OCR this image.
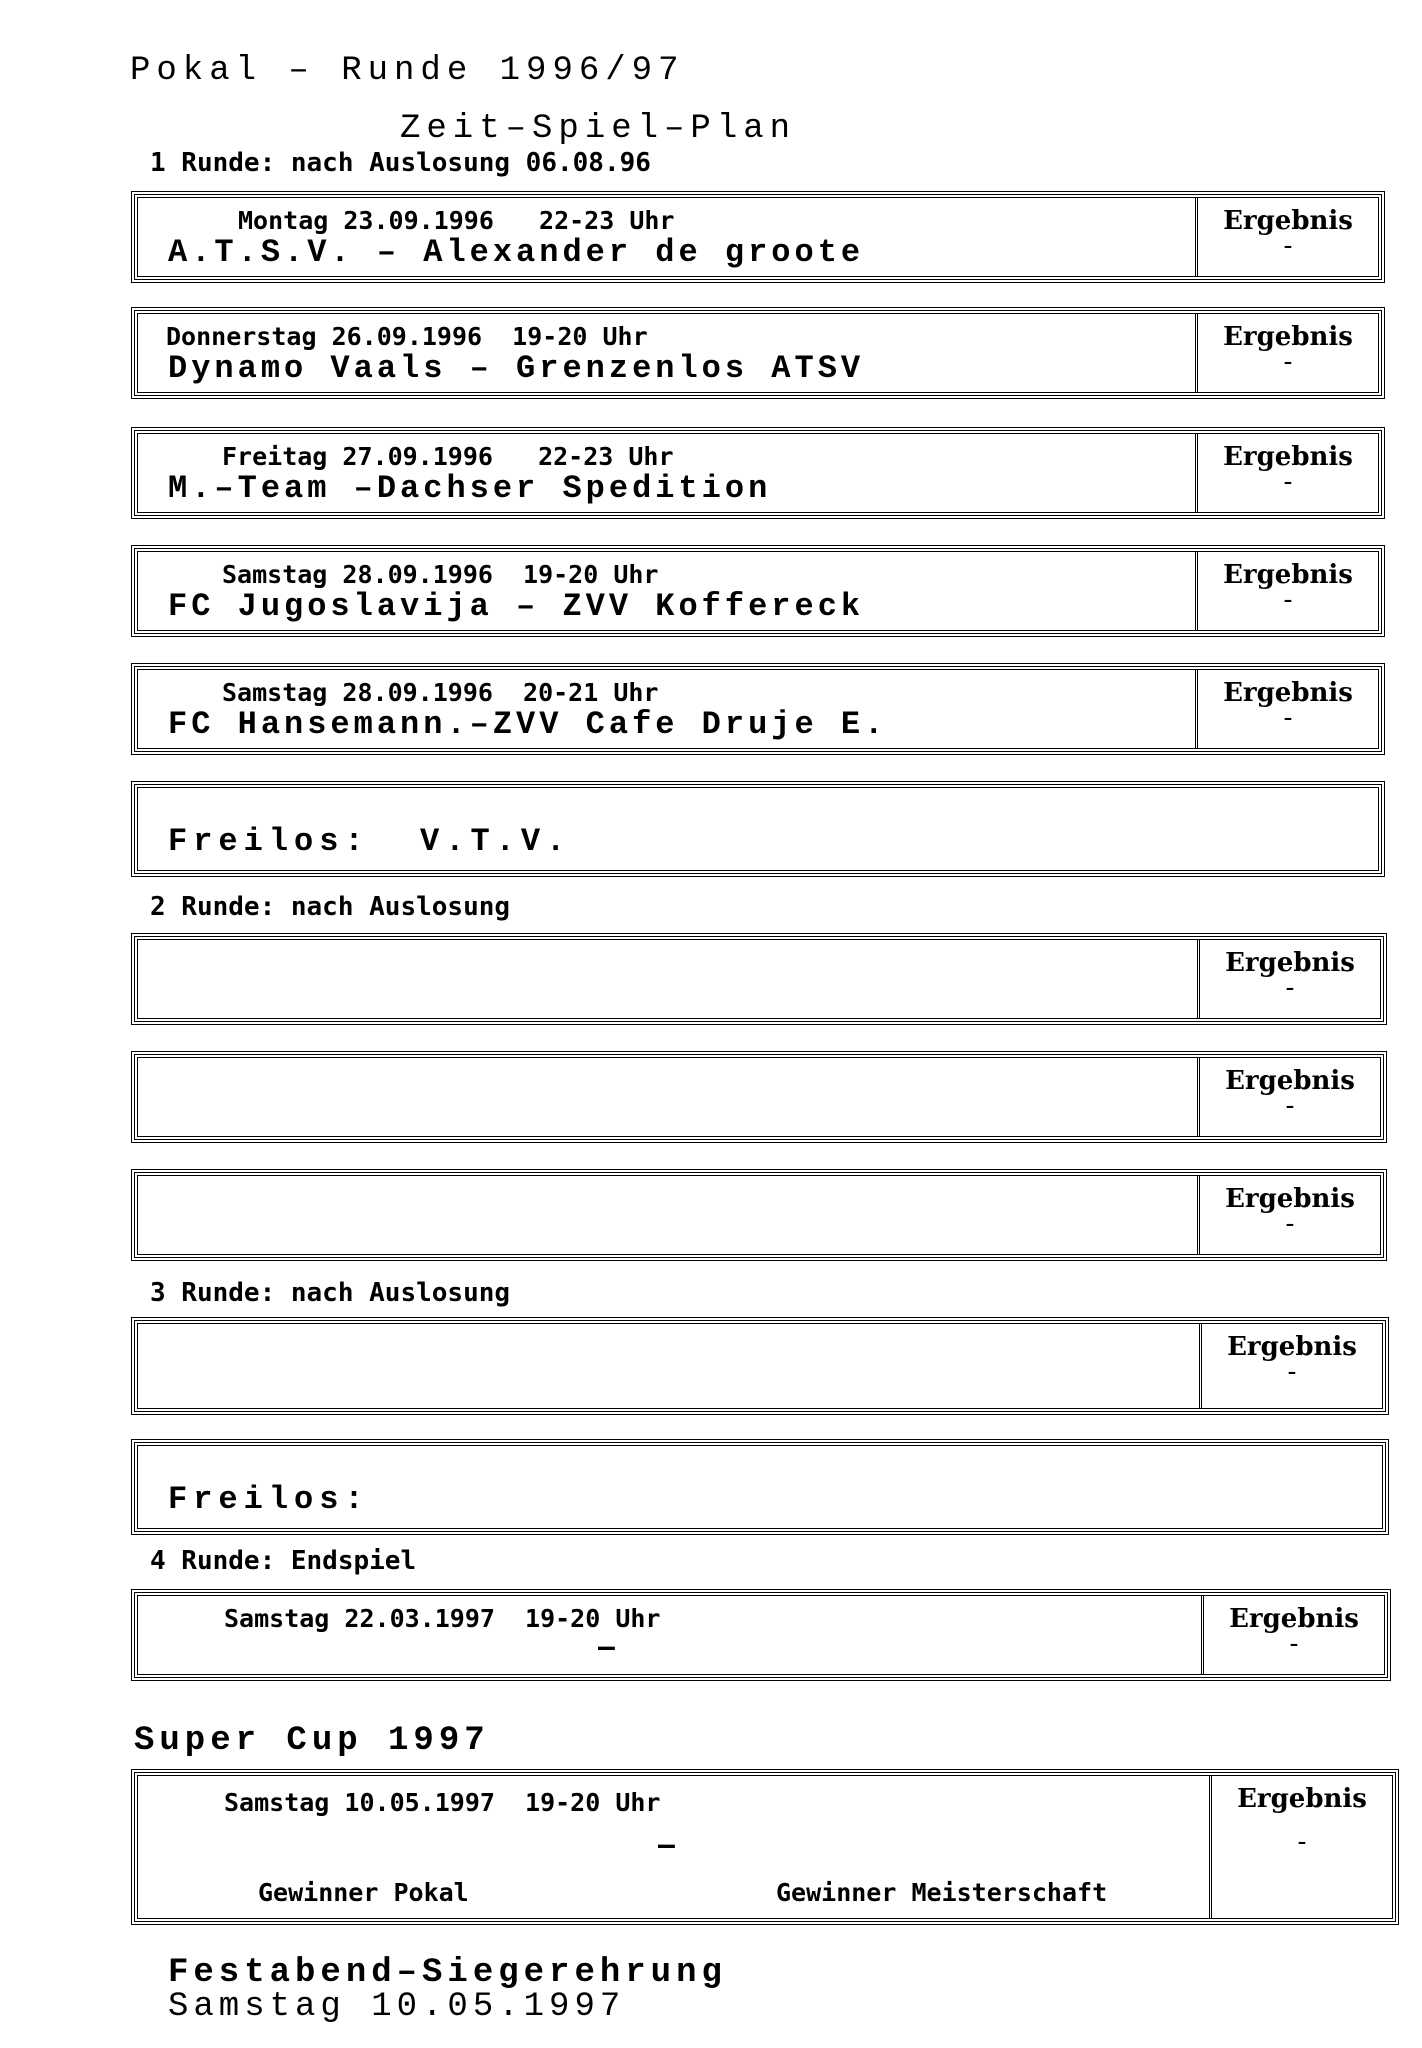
Pokal – Runde 1996/97
Zeit–Spiel–Plan
1 Runde: nach Auslosung 06.08.96
Montag 23.09.1996   22-23 Uhr
A.T.S.V. – Alexander de groote
Ergebnis
-
Donnerstag 26.09.1996  19-20 Uhr
Dynamo Vaals – Grenzenlos ATSV
Ergebnis
-
Freitag 27.09.1996   22-23 Uhr
M.–Team –Dachser Spedition
Ergebnis
-
Samstag 28.09.1996  19-20 Uhr
FC Jugoslavija – ZVV Koffereck
Ergebnis
-
Samstag 28.09.1996  20-21 Uhr
FC Hansemann.–ZVV Cafe Druje E.
Ergebnis
-
Freilos:  V.T.V.
2 Runde: nach Auslosung
Ergebnis
-
Ergebnis
-
Ergebnis
-
3 Runde: nach Auslosung
Ergebnis
-
Freilos:
4 Runde: Endspiel
Samstag 22.03.1997  19-20 Uhr
—
Ergebnis
-
Super Cup 1997
Samstag 10.05.1997  19-20 Uhr
—
Gewinner Pokal	Gewinner Meisterschaft
Ergebnis
-
Festabend–Siegerehrung
Samstag 10.05.1997
